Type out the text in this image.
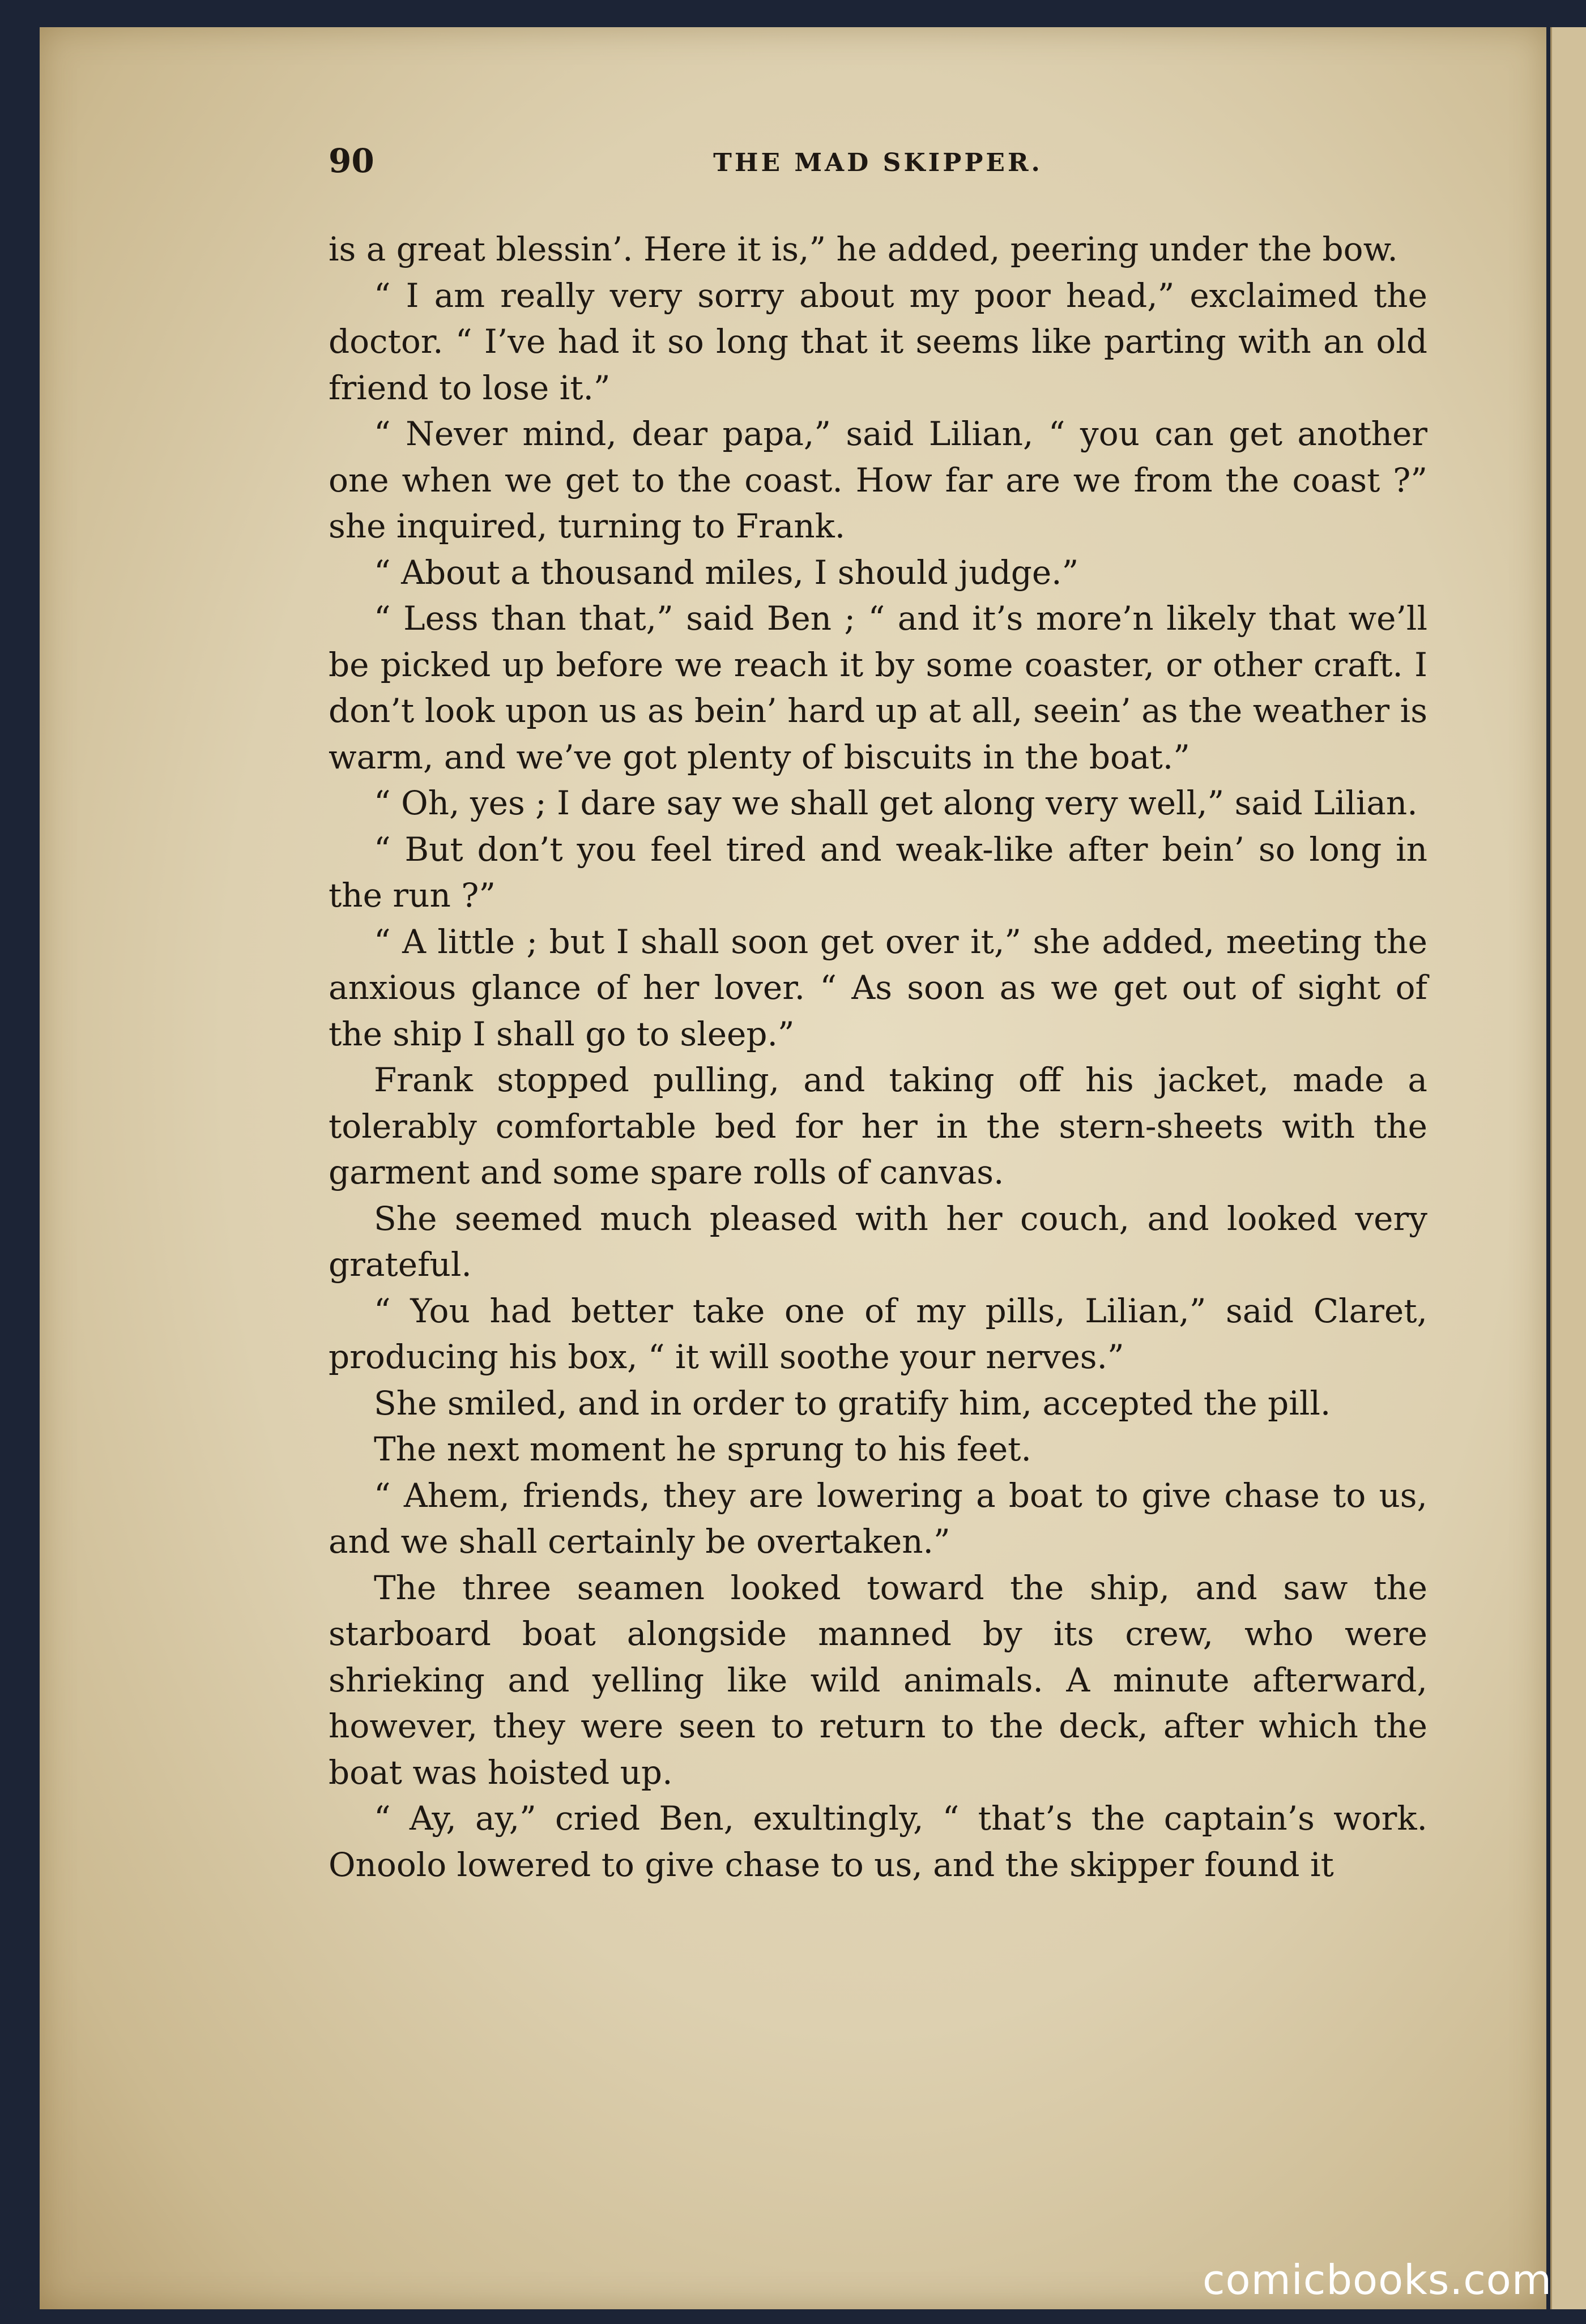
90	THE MAD SKIPPER.

is a great blessin’. Here it is,” he added, peering under the bow.

“ I am really very sorry about my poor head,” exclaimed the doctor. “ I’ve had it so long that it seems like parting with an old friend to lose it.”

“ Never mind, dear papa,” said Lilian, “ you can get another one when we get to the coast. How far are we from the coast ?” she inquired, turning to Frank.

“ About a thousand miles, I should judge.”

“ Less than that,” said Ben ; “ and it’s more’n likely that we’ll be picked up before we reach it by some coaster, or other craft. I don’t look upon us as bein’ hard up at all, seein’ as the weather is warm, and we’ve got plenty of biscuits in the boat.”

“ Oh, yes ; I dare say we shall get along very well,” said Lilian.

“ But don’t you feel tired and weak-like after bein’ so long in the run ?”

“ A little ; but I shall soon get over it,” she added, meeting the anxious glance of her lover. “ As soon as we get out of sight of the ship I shall go to sleep.”

Frank stopped pulling, and taking off his jacket, made a tolerably comfortable bed for her in the stern-sheets with the garment and some spare rolls of canvas.

She seemed much pleased with her couch, and looked very grateful.

“ You had better take one of my pills, Lilian,” said Claret, producing his box, “ it will soothe your nerves.”

She smiled, and in order to gratify him, accepted the pill.

The next moment he sprung to his feet.

“ Ahem, friends, they are lowering a boat to give chase to us, and we shall certainly be overtaken.”

The three seamen looked toward the ship, and saw the starboard boat alongside manned by its crew, who were shrieking and yelling like wild animals. A minute afterward, however, they were seen to return to the deck, after which the boat was hoisted up.

“ Ay, ay,” cried Ben, exultingly, “ that’s the captain’s work. Onoolo lowered to give chase to us, and the skipper found it

comicbooks.com
